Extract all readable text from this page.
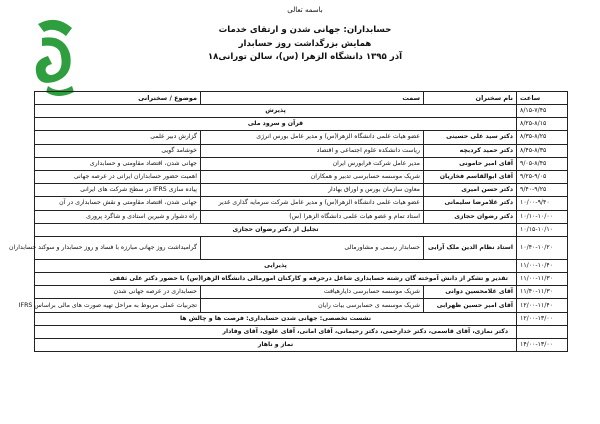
باسمه تعالی
حسابداران: جهانی شدن و ارتقای خدمات
همایش بزرگداشت روز حسابدار
۱۸آذر ۱۳۹۵ دانشگاه الزهرا (س)، سالن تورانی
ساعت	نام سخنران	سمت	موضوع / سخنرانی
۸/۱۵-۷/۴۵	پذیرش		
۸/۲۵-۸/۱۵	قرآن و سرود ملی		
۸/۳۵-۸/۲۵	دکتر سید علی حسینی	عضو هیات علمی دانشگاه الزهرا(س) و مدیر عامل بورس انرژی	گزارش دبیر علمی
۸/۴۵-۸/۳۵	دکتر حمید کردبچه	ریاست دانشکده علوم اجتماعی و اقتصاد	خوشامد گویی
۹/۰۵-۸/۴۵	آقای امیر حامونی	مدیر عامل شرکت فرابورس ایران	جهانی شدن، اقتصاد مقاومتی و حسابداری
۹/۲۵-۹/۰۵	آقای ابوالقاسم فخاریان	شریک موسسه حسابرسی تدبیر و همکاران	اهمیت حضور حسابداران ایرانی در عرصه جهانی
۹/۴۰-۹/۲۵	دکتر حسن امیری	معاون سازمان بورس و اوراق بهادار	پیاده سازی IFRS در سطح شرکت های ایرانی
۱۰/۰۰-۹/۴۰	دکتر غلامرضا سلیمانی	عضو هیات علمی دانشگاه الزهرا(س) و مدیر عامل شرکت سرمایه گذاری غدیر	جهانی شدن، اقتصاد مقاومتی و نقش حسابداری در آن
۱۰/۱۰-۱۰/۰۰	دکتر رضوان حجازی	استاد تمام و عضو هیات علمی دانشگاه الزهرا (س)	راه دشوار و شیرین استادی و شاگرد پروری
۱۰/۱۵-۱۰/۱۰	تجلیل از دکتر رضوان حجازی		
۱۰/۴۰-۱۰/۲۰	استاد نظام الدین ملک آرایی	حسابدار رسمی و مشاورمالی	گرامیداشت روز جهانی مبارزه با فساد و روز حسابدار و سوکند حسابداران
۱۱/۰۰-۱۰/۴۰	پذیرایی		
۱۱/۰۰-۱۱/۳۰	تقدیر و تشکر از دانش آموخته گان رشته حسابداری شاغل درحرفه و کارکنان امورمالی دانشگاه الزهرا(س) با حضور دکتر علی ثقفی		
۱۱/۴۰-۱۱/۳۰	آقای غلامحسین دوانی	شریک موسسه حسابرسی دایارهیافت	حسابداری در عرصه جهانی شدن
۱۲/۰۰-۱۱/۴۰	آقای امیر حسین ظهرابی	شریک موسسه ی حسابرسی بیات رایان	تجربیات عملی مربوط به مراحل تهیه صورت های مالی براساس IFRS
۱۲/۰۰-۱۳/۰۰	نشست تخصصی: جهانی شدن حسابداری: فرصت ها و چالش ها		
	دکتر نمازی، آقای قاسمی، دکتر خدارحمی، دکتر رحیمانی، آقای امانی، آقای علوی، آقای وفادار		
۱۴/۰۰-۱۳/۰۰	نماز و ناهار		
